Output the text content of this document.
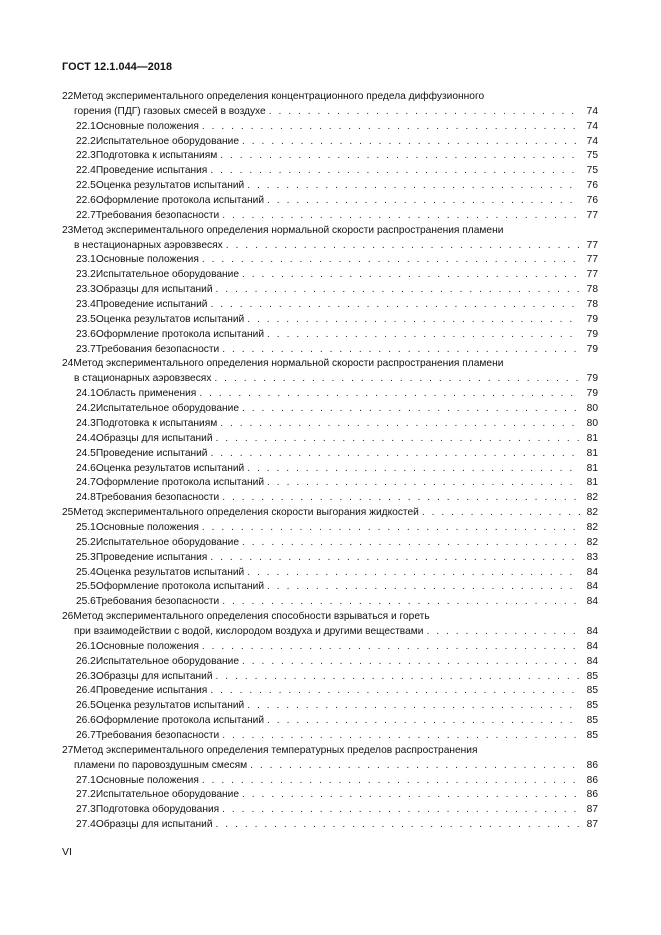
ГОСТ 12.1.044—2018
22 Метод экспериментального определения концентрационного предела диффузионного
горения (ПДГ) газовых смесей в воздухе . . .	74
22.1 Основные положения . . .	74
22.2 Испытательное оборудование . . .	74
22.3 Подготовка к испытаниям . . .	75
22.4 Проведение испытания . . .	75
22.5 Оценка результатов испытаний . . .	76
22.6 Оформление протокола испытаний . . .	76
22.7 Требования безопасности . . .	77
23 Метод экспериментального определения нормальной скорости распространения пламени
в нестационарных аэровзвесях . . .	77
23.1 Основные положения . . .	77
23.2 Испытательное оборудование . . .	77
23.3 Образцы для испытаний . . .	78
23.4 Проведение испытаний . . .	78
23.5 Оценка результатов испытаний . . .	79
23.6 Оформление протокола испытаний . . .	79
23.7 Требования безопасности . . .	79
24 Метод экспериментального определения нормальной скорости распространения пламени
в стационарных аэровзвесях . . .	79
24.1 Область применения . . .	79
24.2 Испытательное оборудование . . .	80
24.3 Подготовка к испытаниям . . .	80
24.4 Образцы для испытаний . . .	81
24.5 Проведение испытаний . . .	81
24.6 Оценка результатов испытаний . . .	81
24.7 Оформление протокола испытаний . . .	81
24.8 Требования безопасности . . .	82
25 Метод экспериментального определения скорости выгорания жидкостей . . .	82
25.1 Основные положения . . .	82
25.2 Испытательное оборудование . . .	82
25.3 Проведение испытания . . .	83
25.4 Оценка результатов испытаний . . .	84
25.5 Оформление протокола испытаний . . .	84
25.6 Требования безопасности . . .	84
26 Метод экспериментального определения способности взрываться и гореть
при взаимодействии с водой, кислородом воздуха и другими веществами . . .	84
26.1 Основные положения . . .	84
26.2 Испытательное оборудование . . .	84
26.3 Образцы для испытаний . . .	85
26.4 Проведение испытания . . .	85
26.5 Оценка результатов испытаний . . .	85
26.6 Оформление протокола испытаний . . .	85
26.7 Требования безопасности . . .	85
27 Метод экспериментального определения температурных пределов распространения
пламени по паровоздушным смесям . . .	86
27.1 Основные положения . . .	86
27.2 Испытательное оборудование . . .	86
27.3 Подготовка оборудования . . .	87
27.4 Образцы для испытаний . . .	87
VI
